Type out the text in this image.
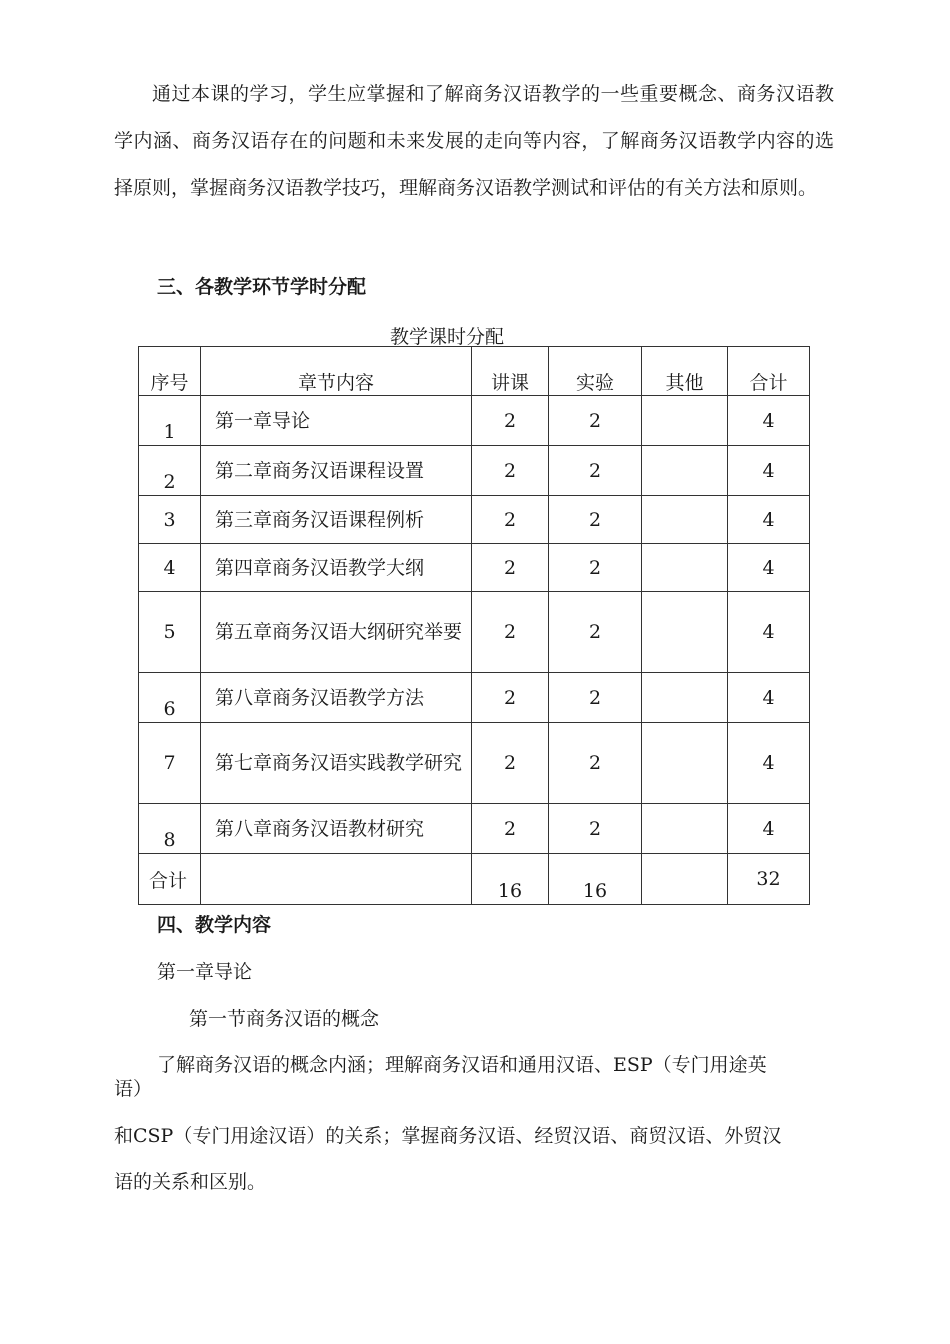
通过本课的学习，学生应掌握和了解商务汉语教学的一些重要概念、商务汉语教学内涵、商务汉语存在的问题和未来发展的走向等内容，了解商务汉语教学内容的选择原则，掌握商务汉语教学技巧，理解商务汉语教学测试和评估的有关方法和原则。
三、各教学环节学时分配
教学课时分配
序号	章节内容	讲课	实验	其他	合计
1	第一章导论	2	2		4
2	第二章商务汉语课程设置	2	2		4
3	第三章商务汉语课程例析	2	2		4
4	第四章商务汉语教学大纲	2	2		4
5	第五章商务汉语大纲研究举要	2	2		4
6	第八章商务汉语教学方法	2	2		4
7	第七章商务汉语实践教学研究	2	2		4
8	第八章商务汉语教材研究	2	2		4
合计		16	16		32
四、教学内容
第一章导论
第一节商务汉语的概念
了解商务汉语的概念内涵；理解商务汉语和通用汉语、ESP（专门用途英
语）
和CSP（专门用途汉语）的关系；掌握商务汉语、经贸汉语、商贸汉语、外贸汉
语的关系和区别。
